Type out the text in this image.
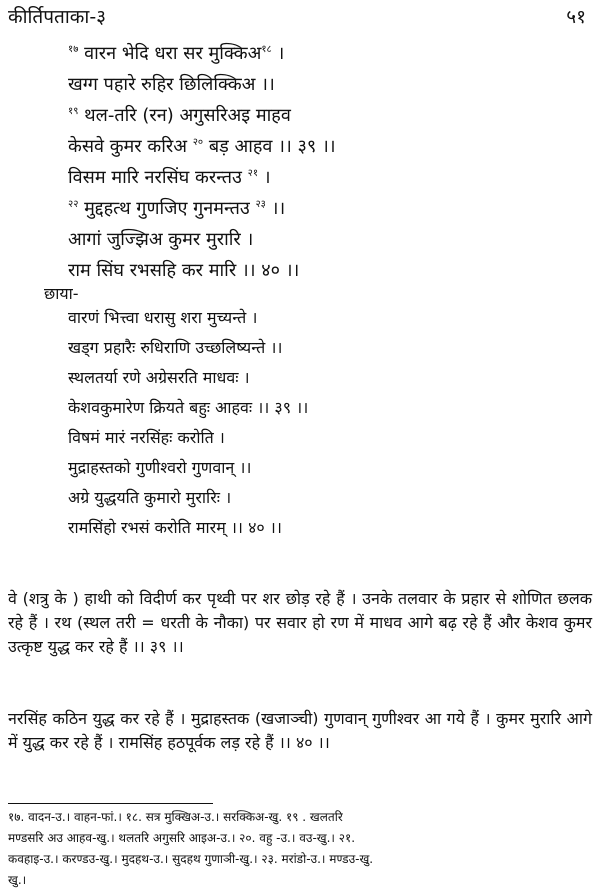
कीर्तिपताका-३	५१
$^{१७}$ वारन भेदि धरा सर मुक्किअ$^{१८}$ ।
खग्ग पहारे रुहिर छिलिक्किअ ।।
$^{१९}$ थल-तरि (रन) अगुसरिअइ माहव
केसवे कुमर करिअ $^{२०}$ बड़ आहव ।। ३९ ।।
विसम मारि नरसिंघ करन्तउ $^{२१}$ ।
$^{२२}$ मुद्दहत्थ गुणजिए गुनमन्तउ $^{२३}$ ।।
आगां जुज्झिअ कुमर मुरारि ।
राम सिंघ रभसहि कर मारि ।। ४० ।।
छाया-
वारणं भित्त्वा धरासु शरा मुच्यन्ते ।
खड्ग प्रहारैः रुधिराणि उच्छलिष्यन्ते ।।
स्थलतर्या रणे अग्रेसरति माधवः ।
केशवकुमारेण क्रियते बहुः आहवः ।। ३९ ।।
विषमं मारं नरसिंहः करोति ।
मुद्राहस्तको गुणीश्वरो गुणवान् ।।
अग्रे युद्धयति कुमारो मुरारिः ।
रामसिंहो रभसं करोति मारम् ।। ४० ।।
वे (शत्रु के ) हाथी को विदीर्ण कर पृथ्वी पर शर छोड़ रहे हैं । उनके तलवार के प्रहार से शोणित छलक रहे हैं । रथ (स्थल तरी = धरती के नौका) पर सवार हो रण में माधव आगे बढ़ रहे हैं और केशव कुमर उत्कृष्ट युद्ध कर रहे हैं ।। ३९ ।।
नरसिंह कठिन युद्ध कर रहे हैं । मुद्राहस्तक (खजाञ्ची) गुणवान् गुणीश्वर आ गये हैं । कुमर मुरारि आगे में युद्ध कर रहे हैं । रामसिंह हठपूर्वक लड़ रहे हैं ।। ४० ।।
१७. वादन-उ.। वाहन-फां.। १८. सत्र मुक्खिअ-उ.। सरक्किअ-खु. १९ . खलतरि
मण्डसरि अउ आहव-खु.। थलतरि अगुसरि आइअ-उ.। २०. वहु -उ.। वउ-खु.। २१.
कवहाइ-उ.। करण्डउ-खु.। मुदहथ-उ.। सुदहथ गुणाञी-खु.। २३. मरांडो-उ.। मण्डउ-खु.
खु.।
